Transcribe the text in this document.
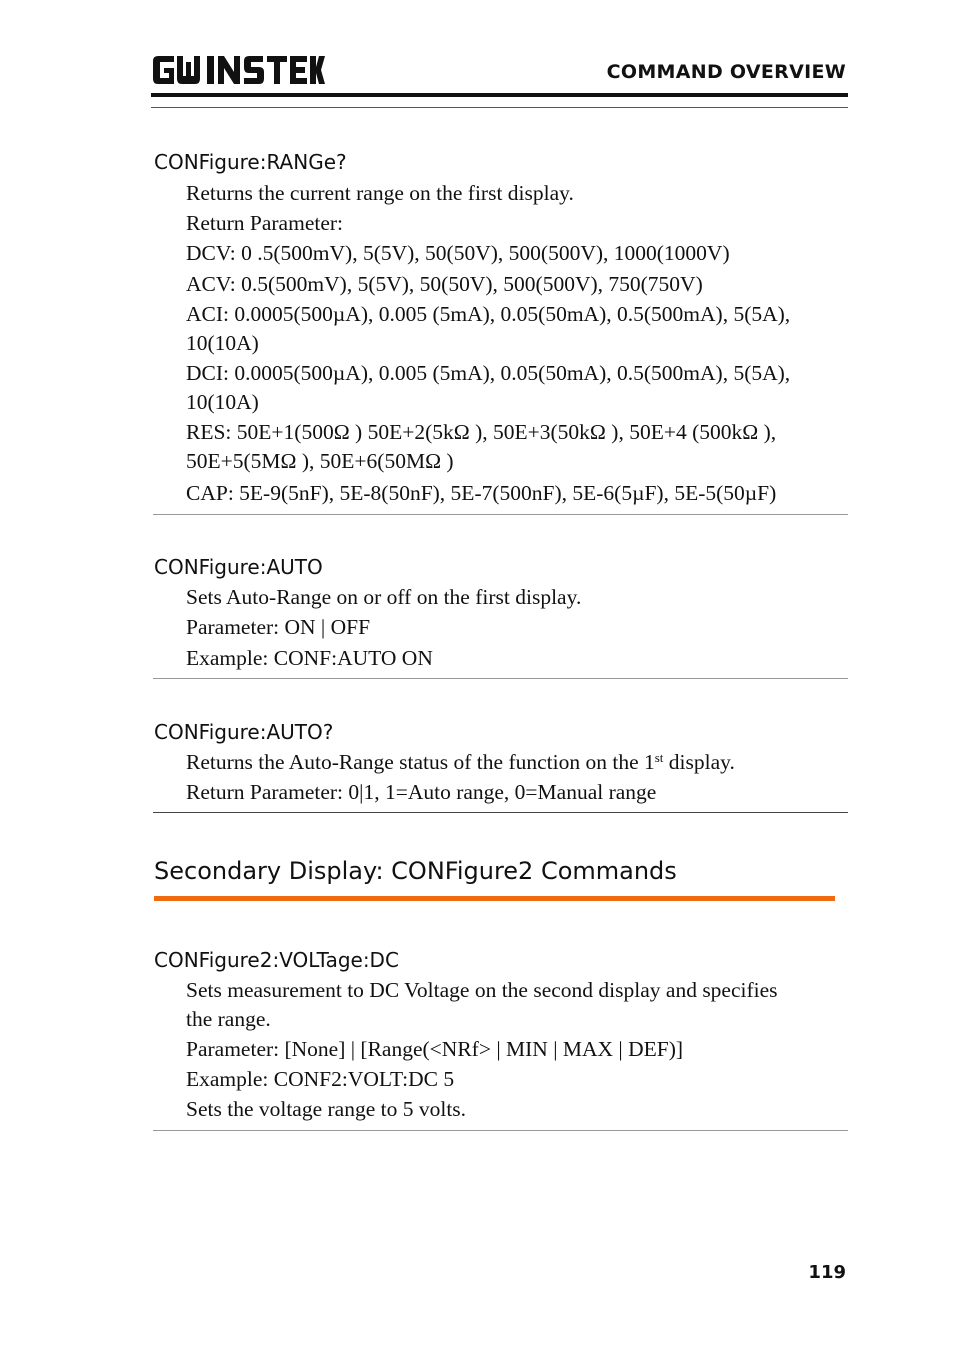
COMMAND OVERVIEW
CONFigure:RANGe?
Returns the current range on the first display.
Return Parameter:
DCV: 0 .5(500mV), 5(5V), 50(50V), 500(500V), 1000(1000V)
ACV: 0.5(500mV), 5(5V), 50(50V), 500(500V), 750(750V)
ACI: 0.0005(500µA), 0.005 (5mA), 0.05(50mA), 0.5(500mA), 5(5A), 10(10A)
DCI: 0.0005(500µA), 0.005 (5mA), 0.05(50mA), 0.5(500mA), 5(5A), 10(10A)
RES: 50E+1(500Ω ) 50E+2(5kΩ ), 50E+3(50kΩ ), 50E+4 (500kΩ ), 50E+5(5MΩ ), 50E+6(50MΩ )
CAP: 5E-9(5nF), 5E-8(50nF), 5E-7(500nF), 5E-6(5µF), 5E-5(50µF)
CONFigure:AUTO
Sets Auto-Range on or off on the first display.
Parameter: ON | OFF
Example: CONF:AUTO ON
CONFigure:AUTO?
Returns the Auto-Range status of the function on the 1st display.
Return Parameter: 0|1, 1=Auto range, 0=Manual range
Secondary Display: CONFigure2 Commands
CONFigure2:VOLTage:DC
Sets measurement to DC Voltage on the second display and specifies the range.
Parameter: [None] | [Range(<NRf> | MIN | MAX | DEF)]
Example: CONF2:VOLT:DC 5
Sets the voltage range to 5 volts.
119
